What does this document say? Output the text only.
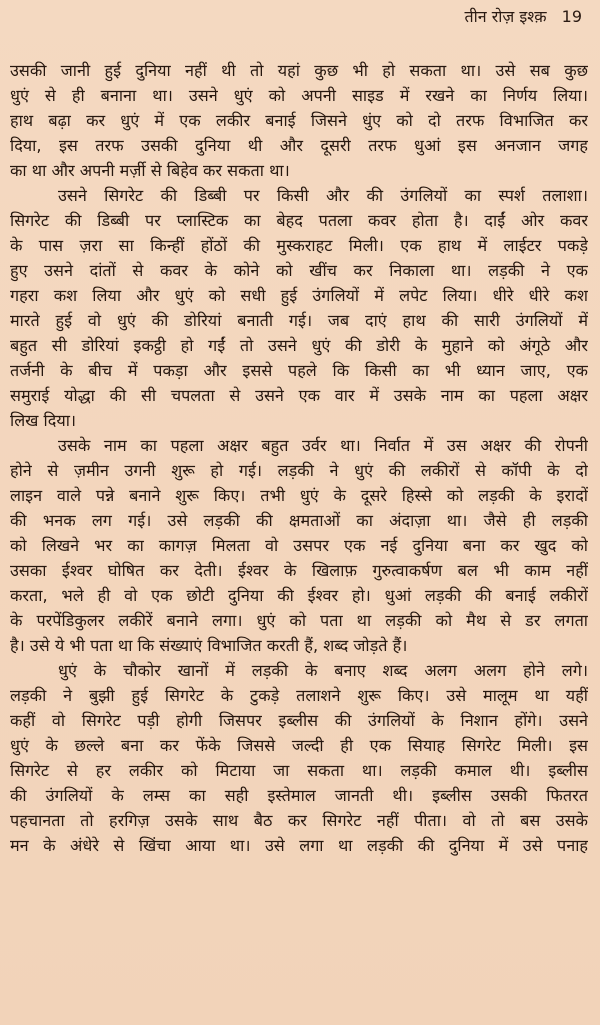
तीन रोज़ इश्क़ 19
उसकी जानी हुई दुनिया नहीं थी तो यहां कुछ भी हो सकता था। उसे सब कुछ
धुएं से ही बनाना था। उसने धुएं को अपनी साइड में रखने का निर्णय लिया।
हाथ बढ़ा कर धुएं में एक लकीर बनाई जिसने धुंए को दो तरफ विभाजित कर
दिया, इस तरफ उसकी दुनिया थी और दूसरी तरफ धुआं इस अनजान जगह
का था और अपनी मर्ज़ी से बिहेव कर सकता था।
उसने सिगरेट की डिब्बी पर किसी और की उंगलियों का स्पर्श तलाशा।
सिगरेट की डिब्बी पर प्लास्टिक का बेहद पतला कवर होता है। दाईं ओर कवर
के पास ज़रा सा किन्हीं होंठों की मुस्कराहट मिली। एक हाथ में लाईटर पकड़े
हुए उसने दांतों से कवर के कोने को खींच कर निकाला था। लड़की ने एक
गहरा कश लिया और धुएं को सधी हुई उंगलियों में लपेट लिया। धीरे धीरे कश
मारते हुई वो धुएं की डोरियां बनाती गई। जब दाएं हाथ की सारी उंगलियों में
बहुत सी डोरियां इकट्ठी हो गईं तो उसने धुएं की डोरी के मुहाने को अंगूठे और
तर्जनी के बीच में पकड़ा और इससे पहले कि किसी का भी ध्यान जाए, एक
समुराई योद्धा की सी चपलता से उसने एक वार में उसके नाम का पहला अक्षर
लिख दिया।
उसके नाम का पहला अक्षर बहुत उर्वर था। निर्वात में उस अक्षर की रोपनी
होने से ज़मीन उगनी शुरू हो गई। लड़की ने धुएं की लकीरों से कॉपी के दो
लाइन वाले पन्ने बनाने शुरू किए। तभी धुएं के दूसरे हिस्से को लड़की के इरादों
की भनक लग गई। उसे लड़की की क्षमताओं का अंदाज़ा था। जैसे ही लड़की
को लिखने भर का कागज़ मिलता वो उसपर एक नई दुनिया बना कर खुद को
उसका ईश्वर घोषित कर देती। ईश्वर के खिलाफ़ गुरुत्वाकर्षण बल भी काम नहीं
करता, भले ही वो एक छोटी दुनिया की ईश्वर हो। धुआं लड़की की बनाई लकीरों
के परपेंडिकुलर लकीरें बनाने लगा। धुएं को पता था लड़की को मैथ से डर लगता
है। उसे ये भी पता था कि संख्याएं विभाजित करती हैं, शब्द जोड़ते हैं।
धुएं के चौकोर खानों में लड़की के बनाए शब्द अलग अलग होने लगे।
लड़की ने बुझी हुई सिगरेट के टुकड़े तलाशने शुरू किए। उसे मालूम था यहीं
कहीं वो सिगरेट पड़ी होगी जिसपर इब्लीस की उंगलियों के निशान होंगे। उसने
धुएं के छल्ले बना कर फेंके जिससे जल्दी ही एक सियाह सिगरेट मिली। इस
सिगरेट से हर लकीर को मिटाया जा सकता था। लड़की कमाल थी। इब्लीस
की उंगलियों के लम्स का सही इस्तेमाल जानती थी। इब्लीस उसकी फितरत
पहचानता तो हरगिज़ उसके साथ बैठ कर सिगरेट नहीं पीता। वो तो बस उसके
मन के अंधेरे से खिंचा आया था। उसे लगा था लड़की की दुनिया में उसे पनाह
